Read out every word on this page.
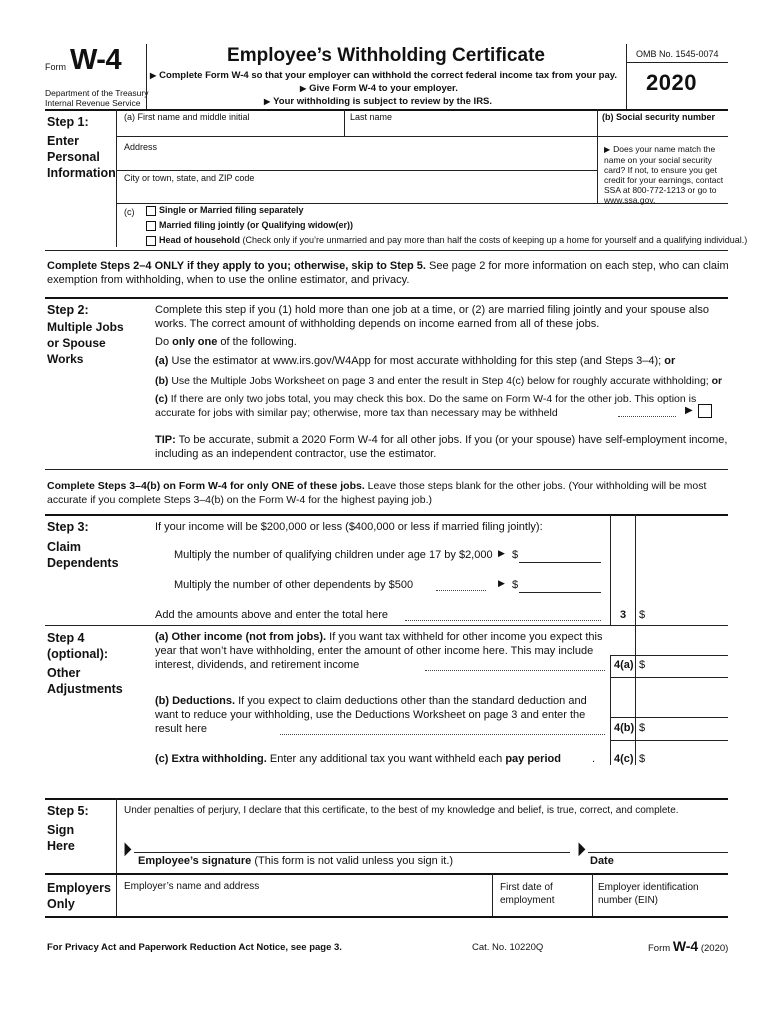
Form W-4
Department of the Treasury
Internal Revenue Service
Employee’s Withholding Certificate
▶ Complete Form W-4 so that your employer can withhold the correct federal income tax from your pay.
▶ Give Form W-4 to your employer.
▶ Your withholding is subject to review by the IRS.
OMB No. 1545-0074
2020
Step 1:
Enter
Personal
Information
(a) First name and middle initial	Last name	(b) Social security number
Address
City or town, state, and ZIP code
▶ Does your name match the name on your social security card? If not, to ensure you get credit for your earnings, contact SSA at 800-772-1213 or go to www.ssa.gov.
(c)	Single or Married filing separately
Married filing jointly (or Qualifying widow(er))
Head of household (Check only if you’re unmarried and pay more than half the costs of keeping up a home for yourself and a qualifying individual.)
Complete Steps 2–4 ONLY if they apply to you; otherwise, skip to Step 5. See page 2 for more information on each step, who can claim exemption from withholding, when to use the online estimator, and privacy.
Step 2:
Multiple Jobs
or Spouse
Works
Complete this step if you (1) hold more than one job at a time, or (2) are married filing jointly and your spouse also works. The correct amount of withholding depends on income earned from all of these jobs.
Do only one of the following.
(a) Use the estimator at www.irs.gov/W4App for most accurate withholding for this step (and Steps 3–4); or
(b) Use the Multiple Jobs Worksheet on page 3 and enter the result in Step 4(c) below for roughly accurate withholding; or
(c) If there are only two jobs total, you may check this box. Do the same on Form W-4 for the other job. This option is accurate for jobs with similar pay; otherwise, more tax than necessary may be withheld	▶
TIP: To be accurate, submit a 2020 Form W-4 for all other jobs. If you (or your spouse) have self-employment income, including as an independent contractor, use the estimator.
Complete Steps 3–4(b) on Form W-4 for only ONE of these jobs. Leave those steps blank for the other jobs. (Your withholding will be most accurate if you complete Steps 3–4(b) on the Form W-4 for the highest paying job.)
Step 3:
Claim
Dependents
If your income will be $200,000 or less ($400,000 or less if married filing jointly):
Multiply the number of qualifying children under age 17 by $2,000 ▶ $
Multiply the number of other dependents by $500	▶ $
Add the amounts above and enter the total here	3 $
Step 4
(optional):
Other
Adjustments
(a) Other income (not from jobs). If you want tax withheld for other income you expect this year that won’t have withholding, enter the amount of other income here. This may include interest, dividends, and retirement income	4(a) $
(b) Deductions. If you expect to claim deductions other than the standard deduction and want to reduce your withholding, use the Deductions Worksheet on page 3 and enter the result here	4(b) $
(c) Extra withholding. Enter any additional tax you want withheld each pay period	. 4(c) $
Step 5:
Sign
Here
Under penalties of perjury, I declare that this certificate, to the best of my knowledge and belief, is true, correct, and complete.
▶
Employee’s signature (This form is not valid unless you sign it.)
▶
Date
Employers
Only
Employer’s name and address	First date of
employment
Employer identification
number (EIN)
For Privacy Act and Paperwork Reduction Act Notice, see page 3.	Cat. No. 10220Q	Form W-4 (2020)
